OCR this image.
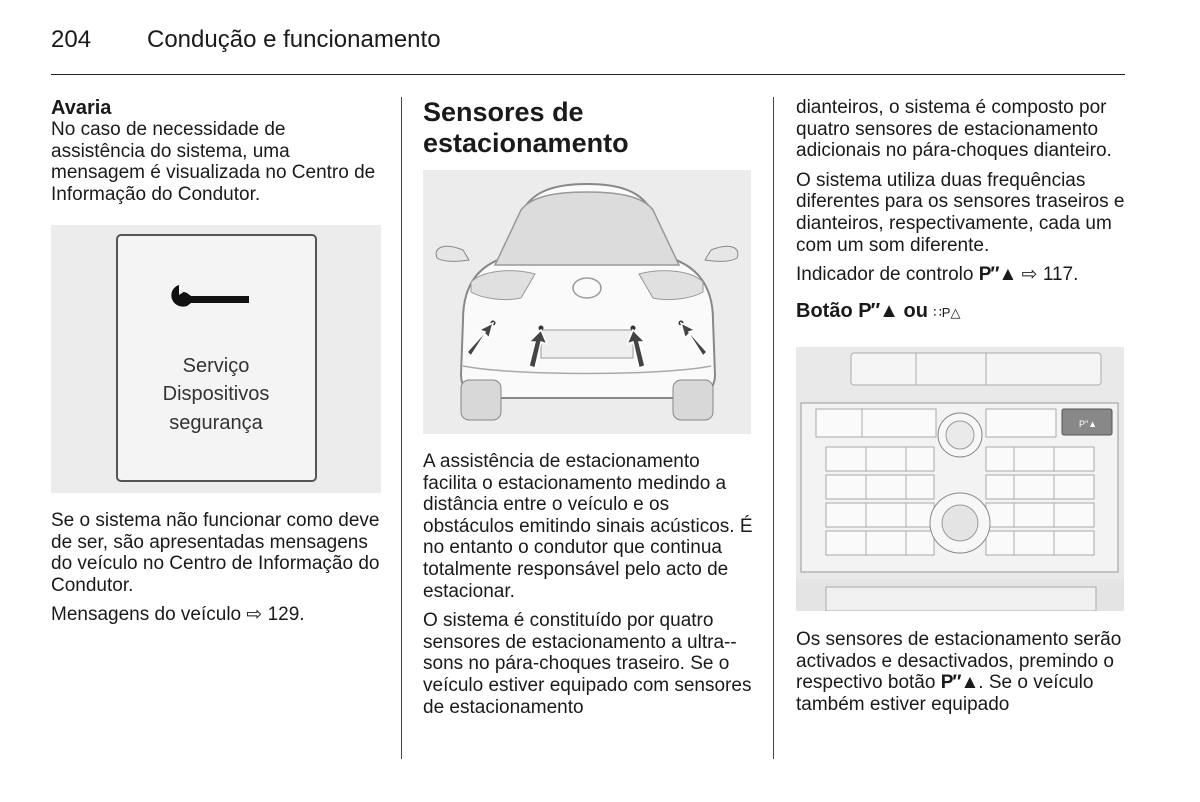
204 Condução e funcionamento
Avaria

No caso de necessidade de assistência do sistema, uma mensagem é visualizada no Centro de Informação do Condutor.

Serviço
Dispositivos
segurança

Se o sistema não funcionar como deve de ser, são apresentadas mensagens do veículo no Centro de Informação do Condutor.

Mensagens do veículo ⇨ 129.

Sensores de
estacionamento

A assistência de estacionamento facilita o estacionamento medindo a distância entre o veículo e os obstáculos emitindo sinais acústicos. É no entanto o condutor que continua totalmente responsável pelo acto de estacionar.

O sistema é constituído por quatro sensores de estacionamento a ultra--sons no pára-choques traseiro. Se o veículo estiver equipado com sensores de estacionamento

dianteiros, o sistema é composto por quatro sensores de estacionamento adicionais no pára-choques dianteiro.

O sistema utiliza duas frequências diferentes para os sensores traseiros e dianteiros, respectivamente, cada um com um som diferente.

Indicador de controlo P″▲ ⇨ 117.

Botão P″▲ ou ∷P△
P″▲

Os sensores de estacionamento serão activados e desactivados, premindo o respectivo botão P″▲. Se o veículo também estiver equipado
